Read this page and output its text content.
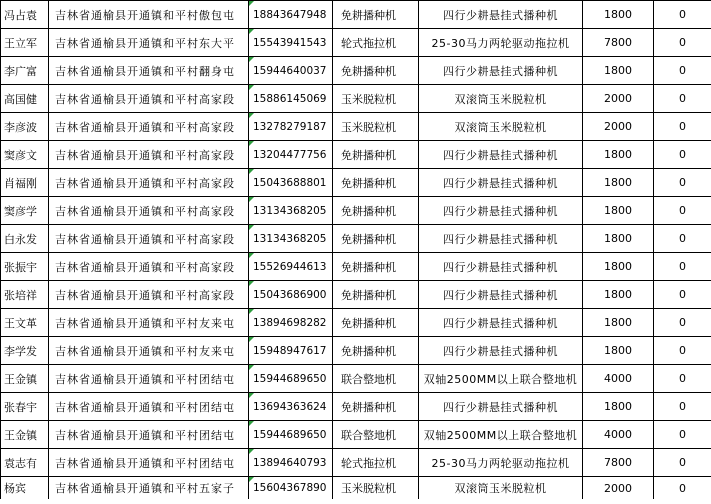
冯占袁	吉林省通榆县开通镇和平村傲包屯	18843647948	免耕播种机	四行少耕悬挂式播种机	1800	0
王立军	吉林省通榆县开通镇和平村东大平	15543941543	轮式拖拉机	25-30马力两轮驱动拖拉机	7800	0
李广富	吉林省通榆县开通镇和平村翻身屯	15944640037	免耕播种机	四行少耕悬挂式播种机	1800	0
高国健	吉林省通榆县开通镇和平村高家段	15886145069	玉米脱粒机	双滚筒玉米脱粒机	2000	0
李彦波	吉林省通榆县开通镇和平村高家段	13278279187	玉米脱粒机	双滚筒玉米脱粒机	2000	0
窦彦文	吉林省通榆县开通镇和平村高家段	13204477756	免耕播种机	四行少耕悬挂式播种机	1800	0
肖福刚	吉林省通榆县开通镇和平村高家段	15043688801	免耕播种机	四行少耕悬挂式播种机	1800	0
窦彦学	吉林省通榆县开通镇和平村高家段	13134368205	免耕播种机	四行少耕悬挂式播种机	1800	0
白永发	吉林省通榆县开通镇和平村高家段	13134368205	免耕播种机	四行少耕悬挂式播种机	1800	0
张振宇	吉林省通榆县开通镇和平村高家段	15526944613	免耕播种机	四行少耕悬挂式播种机	1800	0
张培祥	吉林省通榆县开通镇和平村高家段	15043686900	免耕播种机	四行少耕悬挂式播种机	1800	0
王文革	吉林省通榆县开通镇和平村友来屯	13894698282	免耕播种机	四行少耕悬挂式播种机	1800	0
李学发	吉林省通榆县开通镇和平村友来屯	15948947617	免耕播种机	四行少耕悬挂式播种机	1800	0
王金镇	吉林省通榆县开通镇和平村团结屯	15944689650	联合整地机	双轴2500MM以上联合整地机	4000	0
张春宇	吉林省通榆县开通镇和平村团结屯	13694363624	免耕播种机	四行少耕悬挂式播种机	1800	0
王金镇	吉林省通榆县开通镇和平村团结屯	15944689650	联合整地机	双轴2500MM以上联合整地机	4000	0
袁志有	吉林省通榆县开通镇和平村团结屯	13894640793	轮式拖拉机	25-30马力两轮驱动拖拉机	7800	0
杨宾	吉林省通榆县开通镇和平村五家子	15604367890	玉米脱粒机	双滚筒玉米脱粒机	2000	0
